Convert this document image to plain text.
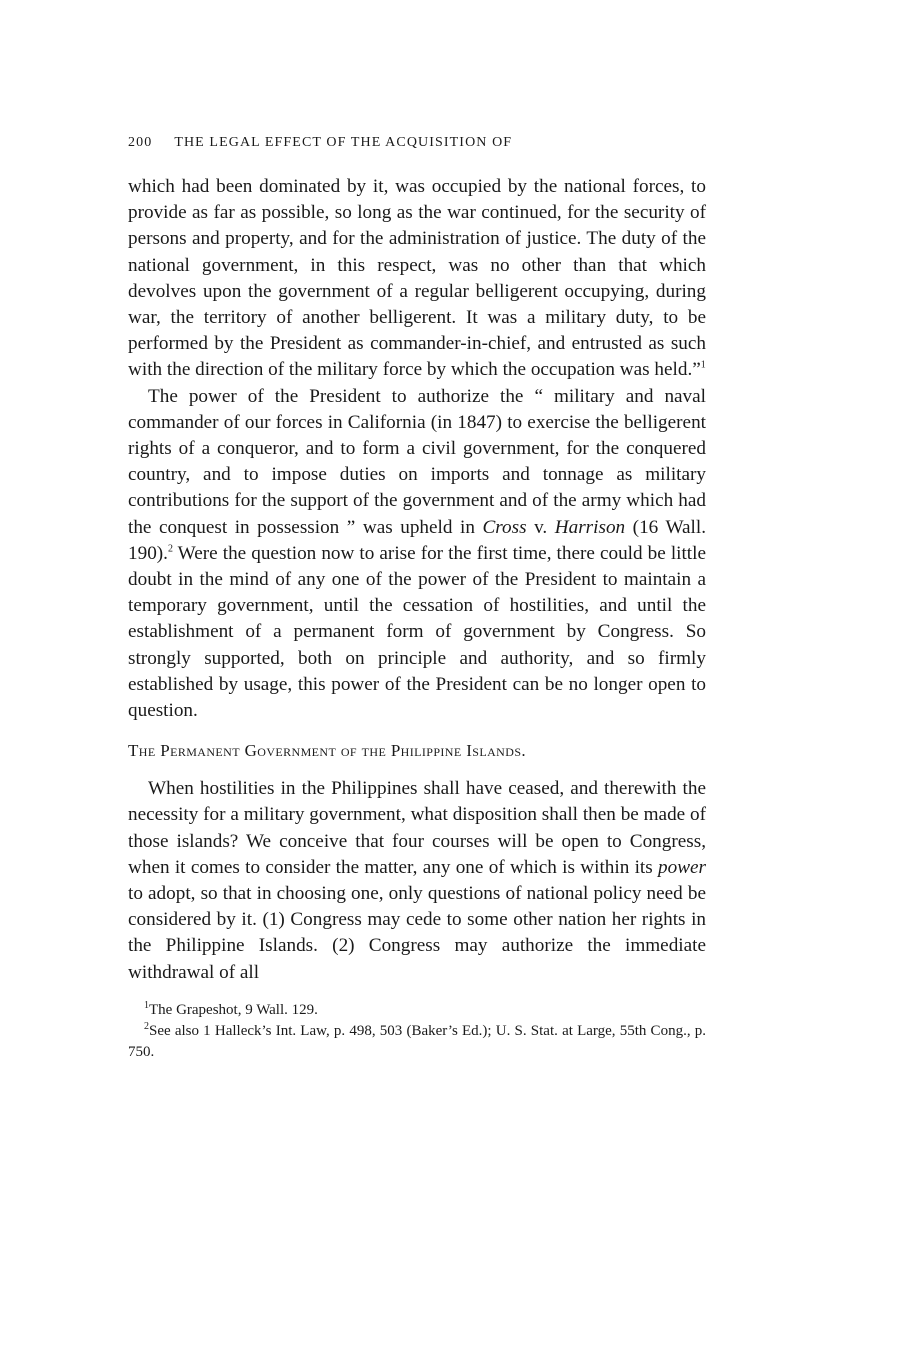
200 THE LEGAL EFFECT OF THE ACQUISITION OF

which had been dominated by it, was occupied by the national forces, to provide as far as possible, so long as the war continued, for the security of persons and property, and for the administration of justice. The duty of the national government, in this respect, was no other than that which devolves upon the government of a regular belligerent occupying, during war, the territory of another belligerent. It was a military duty, to be performed by the President as commander-in-chief, and entrusted as such with the direction of the military force by which the occupation was held.”$^1$

The power of the President to authorize the “ military and naval commander of our forces in California (in 1847) to exercise the belligerent rights of a conqueror, and to form a civil government, for the conquered country, and to impose duties on imports and tonnage as military contributions for the support of the government and of the army which had the conquest in possession ” was upheld in Cross v. Harrison (16 Wall. 190).$^2$ Were the question now to arise for the first time, there could be little doubt in the mind of any one of the power of the President to maintain a temporary government, until the cessation of hostilities, and until the establishment of a permanent form of government by Congress. So strongly supported, both on principle and authority, and so firmly established by usage, this power of the President can be no longer open to question.

The Permanent Government of the Philippine Islands.

When hostilities in the Philippines shall have ceased, and therewith the necessity for a military government, what disposition shall then be made of those islands? We conceive that four courses will be open to Congress, when it comes to consider the matter, any one of which is within its power to adopt, so that in choosing one, only questions of national policy need be considered by it. (1) Congress may cede to some other nation her rights in the Philippine Islands. (2) Congress may authorize the immediate withdrawal of all

$^1$The Grapeshot, 9 Wall. 129.

$^2$See also 1 Halleck’s Int. Law, p. 498, 503 (Baker’s Ed.); U. S. Stat. at Large, 55th Cong., p. 750.
